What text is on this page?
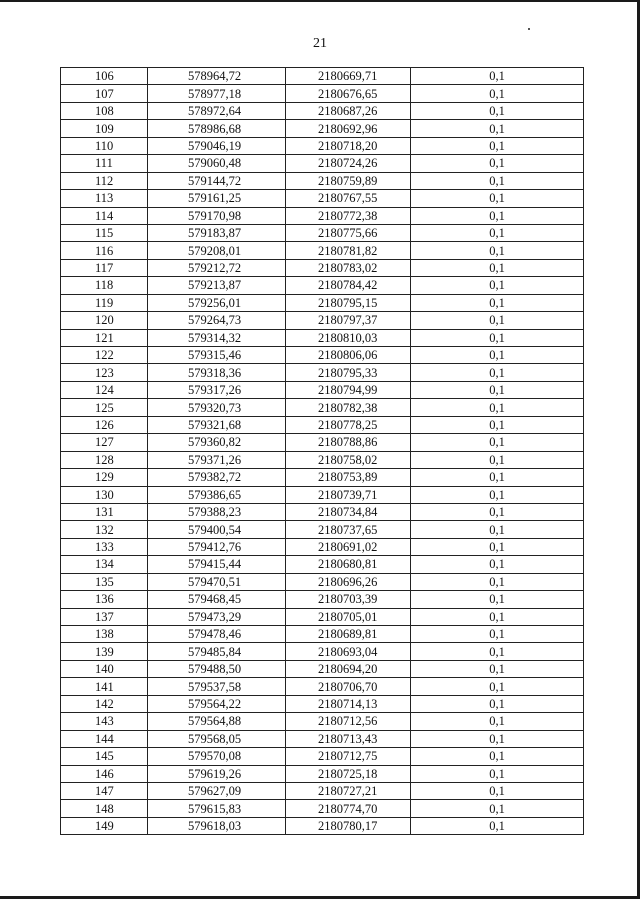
21
106	578964,72	2180669,71	0,1
107	578977,18	2180676,65	0,1
108	578972,64	2180687,26	0,1
109	578986,68	2180692,96	0,1
110	579046,19	2180718,20	0,1
111	579060,48	2180724,26	0,1
112	579144,72	2180759,89	0,1
113	579161,25	2180767,55	0,1
114	579170,98	2180772,38	0,1
115	579183,87	2180775,66	0,1
116	579208,01	2180781,82	0,1
117	579212,72	2180783,02	0,1
118	579213,87	2180784,42	0,1
119	579256,01	2180795,15	0,1
120	579264,73	2180797,37	0,1
121	579314,32	2180810,03	0,1
122	579315,46	2180806,06	0,1
123	579318,36	2180795,33	0,1
124	579317,26	2180794,99	0,1
125	579320,73	2180782,38	0,1
126	579321,68	2180778,25	0,1
127	579360,82	2180788,86	0,1
128	579371,26	2180758,02	0,1
129	579382,72	2180753,89	0,1
130	579386,65	2180739,71	0,1
131	579388,23	2180734,84	0,1
132	579400,54	2180737,65	0,1
133	579412,76	2180691,02	0,1
134	579415,44	2180680,81	0,1
135	579470,51	2180696,26	0,1
136	579468,45	2180703,39	0,1
137	579473,29	2180705,01	0,1
138	579478,46	2180689,81	0,1
139	579485,84	2180693,04	0,1
140	579488,50	2180694,20	0,1
141	579537,58	2180706,70	0,1
142	579564,22	2180714,13	0,1
143	579564,88	2180712,56	0,1
144	579568,05	2180713,43	0,1
145	579570,08	2180712,75	0,1
146	579619,26	2180725,18	0,1
147	579627,09	2180727,21	0,1
148	579615,83	2180774,70	0,1
149	579618,03	2180780,17	0,1
